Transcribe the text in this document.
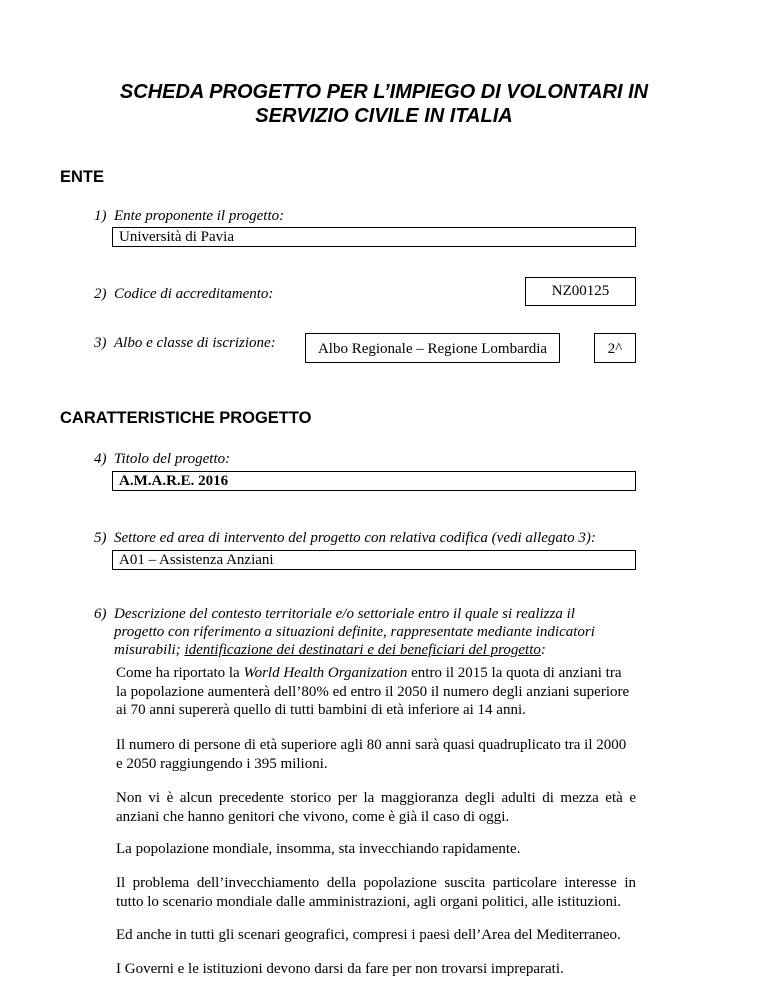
SCHEDA PROGETTO PER L’IMPIEGO DI VOLONTARI IN
SERVIZIO CIVILE IN ITALIA
ENTE
1) Ente proponente il progetto:
Università di Pavia
2) Codice di accreditamento:	NZ00125
3) Albo e classe di iscrizione:	Albo Regionale – Regione Lombardia	2^
CARATTERISTICHE PROGETTO
4) Titolo del progetto:
A.M.A.R.E. 2016
5) Settore ed area di intervento del progetto con relativa codifica (vedi allegato 3):
A01 – Assistenza Anziani
6) Descrizione del contesto territoriale e/o settoriale entro il quale si realizza il
progetto con riferimento a situazioni definite, rappresentate mediante indicatori
misurabili; identificazione dei destinatari e dei beneficiari del progetto:
Come ha riportato la World Health Organization entro il 2015 la quota di anziani tra
la popolazione aumenterà dell’80% ed entro il 2050 il numero degli anziani superiore
ai 70 anni supererà quello di tutti bambini di età inferiore ai 14 anni.
Il numero di persone di età superiore agli 80 anni sarà quasi quadruplicato tra il 2000
e 2050 raggiungendo i 395 milioni.
Non vi è alcun precedente storico per la maggioranza degli adulti di mezza età e
anziani che hanno genitori che vivono, come è già il caso di oggi.
La popolazione mondiale, insomma, sta invecchiando rapidamente.
Il problema dell’invecchiamento della popolazione suscita particolare interesse in
tutto lo scenario mondiale dalle amministrazioni, agli organi politici, alle istituzioni.
Ed anche in tutti gli scenari geografici, compresi i paesi dell’Area del Mediterraneo.
I Governi e le istituzioni devono darsi da fare per non trovarsi impreparati.
